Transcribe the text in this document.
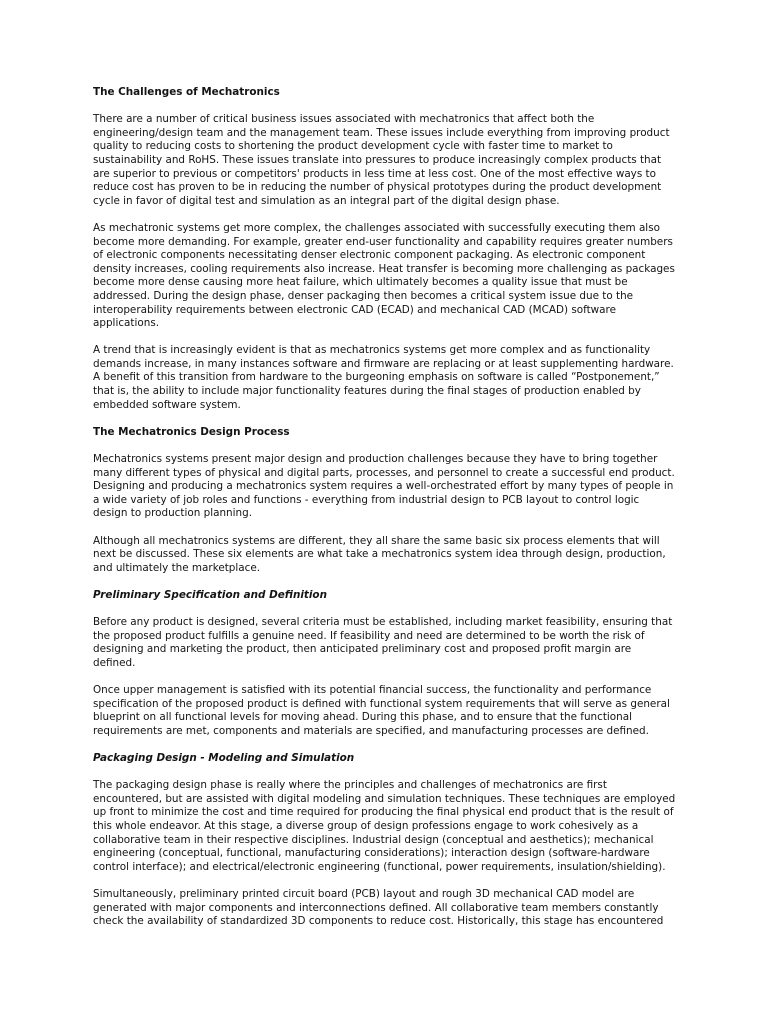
The Challenges of Mechatronics
There are a number of critical business issues associated with mechatronics that affect both the
engineering/design team and the management team. These issues include everything from improving product
quality to reducing costs to shortening the product development cycle with faster time to market to
sustainability and RoHS. These issues translate into pressures to produce increasingly complex products that
are superior to previous or competitors' products in less time at less cost. One of the most effective ways to
reduce cost has proven to be in reducing the number of physical prototypes during the product development
cycle in favor of digital test and simulation as an integral part of the digital design phase.
As mechatronic systems get more complex, the challenges associated with successfully executing them also
become more demanding. For example, greater end-user functionality and capability requires greater numbers
of electronic components necessitating denser electronic component packaging. As electronic component
density increases, cooling requirements also increase. Heat transfer is becoming more challenging as packages
become more dense causing more heat failure, which ultimately becomes a quality issue that must be
addressed. During the design phase, denser packaging then becomes a critical system issue due to the
interoperability requirements between electronic CAD (ECAD) and mechanical CAD (MCAD) software
applications.
A trend that is increasingly evident is that as mechatronics systems get more complex and as functionality
demands increase, in many instances software and firmware are replacing or at least supplementing hardware.
A benefit of this transition from hardware to the burgeoning emphasis on software is called “Postponement,”
that is, the ability to include major functionality features during the final stages of production enabled by
embedded software system.
The Mechatronics Design Process
Mechatronics systems present major design and production challenges because they have to bring together
many different types of physical and digital parts, processes, and personnel to create a successful end product.
Designing and producing a mechatronics system requires a well-orchestrated effort by many types of people in
a wide variety of job roles and functions - everything from industrial design to PCB layout to control logic
design to production planning.
Although all mechatronics systems are different, they all share the same basic six process elements that will
next be discussed. These six elements are what take a mechatronics system idea through design, production,
and ultimately the marketplace.
Preliminary Specification and Definition
Before any product is designed, several criteria must be established, including market feasibility, ensuring that
the proposed product fulfills a genuine need. If feasibility and need are determined to be worth the risk of
designing and marketing the product, then anticipated preliminary cost and proposed profit margin are
defined.
Once upper management is satisfied with its potential financial success, the functionality and performance
specification of the proposed product is defined with functional system requirements that will serve as general
blueprint on all functional levels for moving ahead. During this phase, and to ensure that the functional
requirements are met, components and materials are specified, and manufacturing processes are defined.
Packaging Design - Modeling and Simulation
The packaging design phase is really where the principles and challenges of mechatronics are first
encountered, but are assisted with digital modeling and simulation techniques. These techniques are employed
up front to minimize the cost and time required for producing the final physical end product that is the result of
this whole endeavor. At this stage, a diverse group of design professions engage to work cohesively as a
collaborative team in their respective disciplines. Industrial design (conceptual and aesthetics); mechanical
engineering (conceptual, functional, manufacturing considerations); interaction design (software-hardware
control interface); and electrical/electronic engineering (functional, power requirements, insulation/shielding).
Simultaneously, preliminary printed circuit board (PCB) layout and rough 3D mechanical CAD model are
generated with major components and interconnections defined. All collaborative team members constantly
check the availability of standardized 3D components to reduce cost. Historically, this stage has encountered
